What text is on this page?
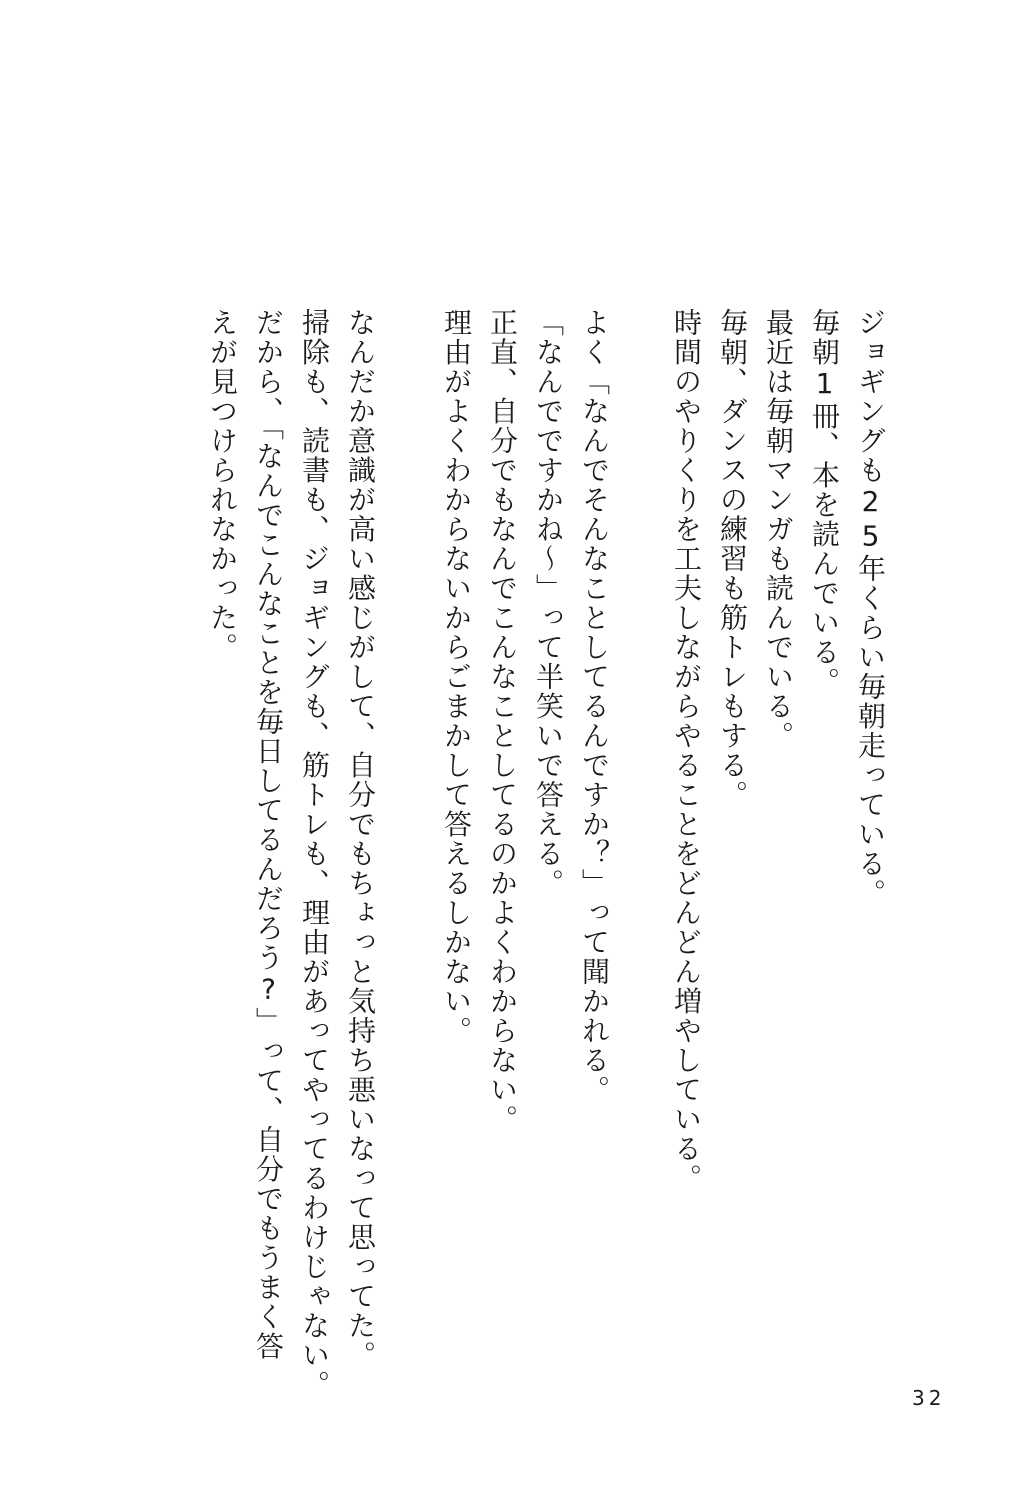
ジョギングも25年くらい毎朝走っている。
毎朝1冊、本を読んでいる。
最近は毎朝マンガも読んでいる。
毎朝、ダンスの練習も筋トレもする。
時間のやりくりを工夫しながらやることをどんどん増やしている。
よく「なんでそんなことしてるんですか？」って聞かれる。
「なんでですかね〜」って半笑いで答える。
正直、自分でもなんでこんなことしてるのかよくわからない。
理由がよくわからないからごまかして答えるしかない。
なんだか意識が高い感じがして、自分でもちょっと気持ち悪いなって思ってた。
掃除も、読書も、ジョギングも、筋トレも、理由があってやってるわけじゃない。
だから、「なんでこんなことを毎日してるんだろう?」って、自分でもうまく答
えが見つけられなかった。
32
